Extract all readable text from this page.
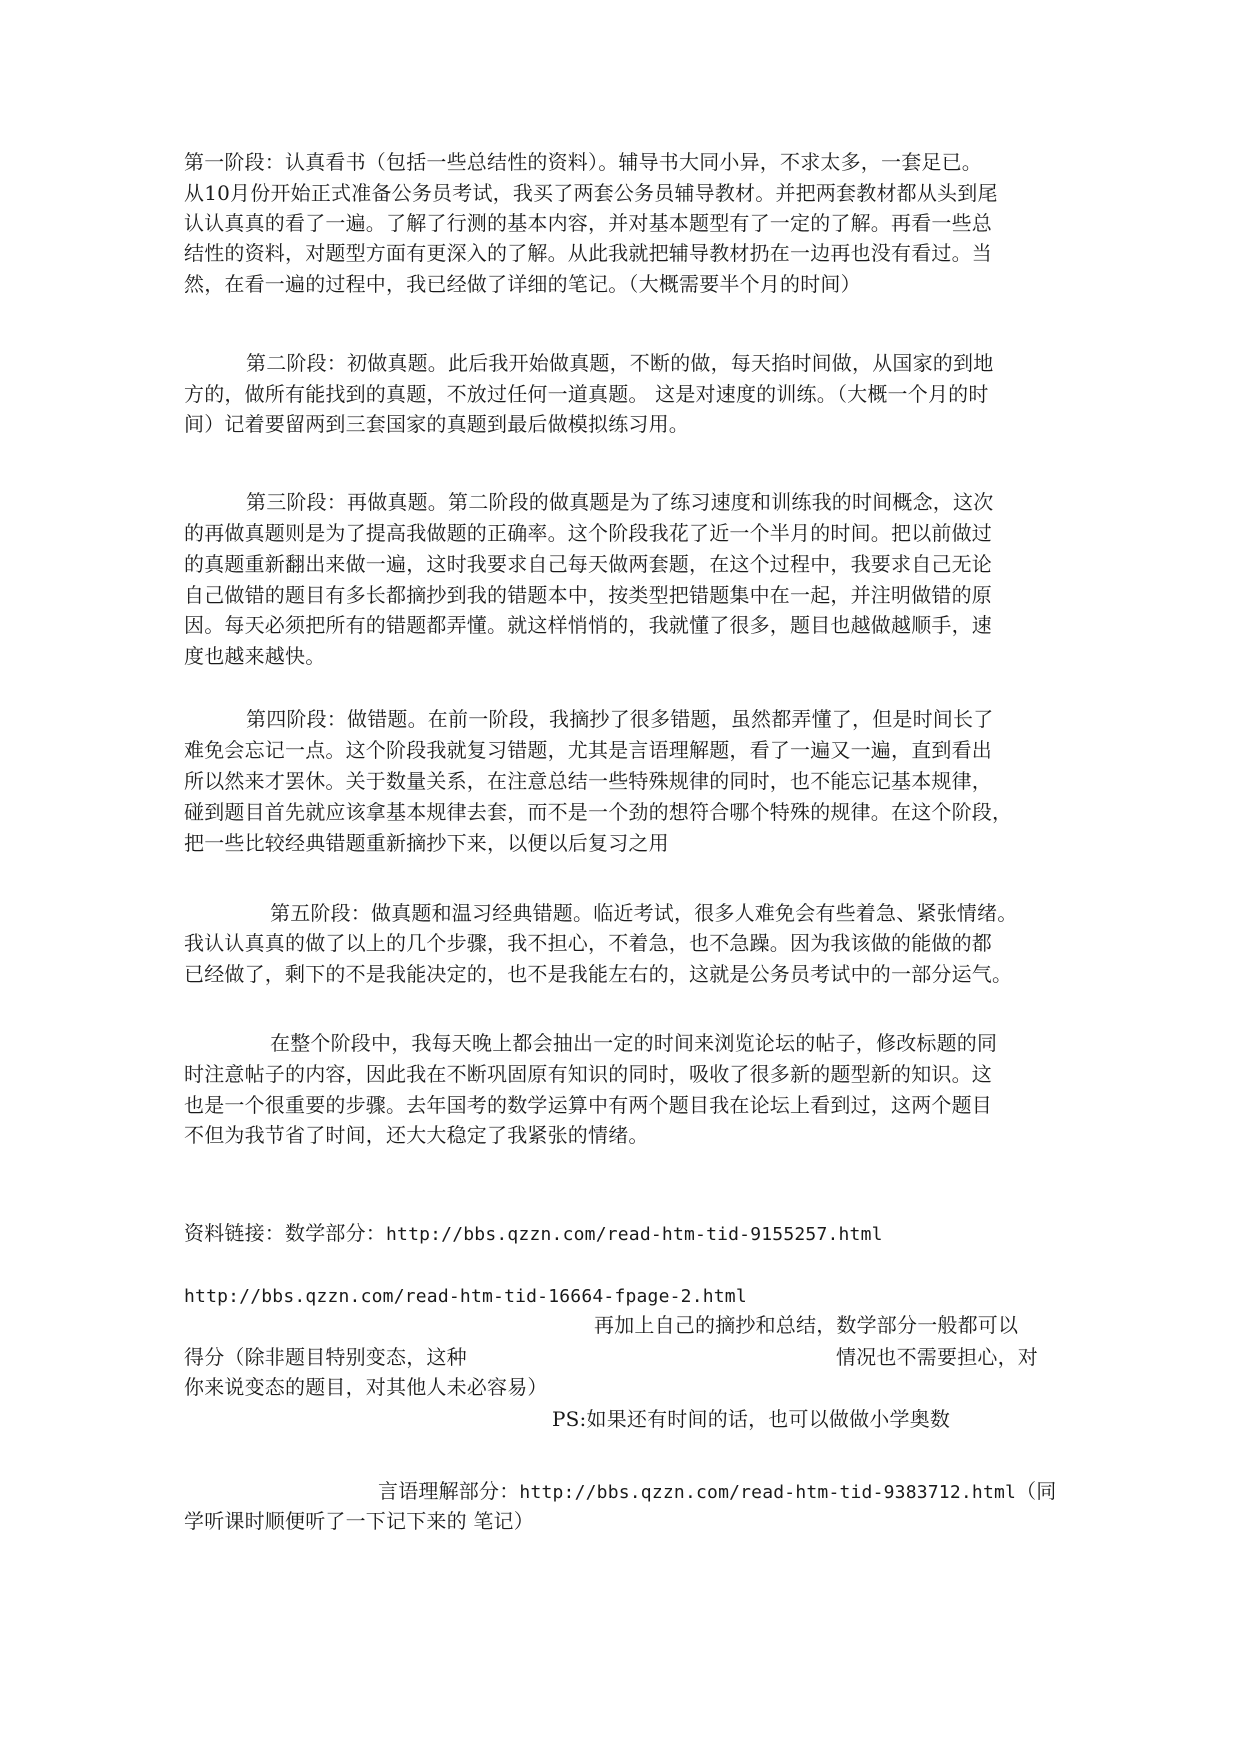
第一阶段：认真看书（包括一些总结性的资料）。辅导书大同小异，不求太多，一套足已。
从10月份开始正式准备公务员考试，我买了两套公务员辅导教材。并把两套教材都从头到尾
认认真真的看了一遍。了解了行测的基本内容，并对基本题型有了一定的了解。再看一些总
结性的资料，对题型方面有更深入的了解。从此我就把辅导教材扔在一边再也没有看过。当
然，在看一遍的过程中，我已经做了详细的笔记。（大概需要半个月的时间）
第二阶段：初做真题。此后我开始做真题，不断的做，每天掐时间做，从国家的到地
方的，做所有能找到的真题，不放过任何一道真题。 这是对速度的训练。（大概一个月的时
间）记着要留两到三套国家的真题到最后做模拟练习用。
第三阶段：再做真题。第二阶段的做真题是为了练习速度和训练我的时间概念，这次
的再做真题则是为了提高我做题的正确率。这个阶段我花了近一个半月的时间。把以前做过
的真题重新翻出来做一遍，这时我要求自己每天做两套题，在这个过程中，我要求自己无论
自己做错的题目有多长都摘抄到我的错题本中，按类型把错题集中在一起，并注明做错的原
因。每天必须把所有的错题都弄懂。就这样悄悄的，我就懂了很多，题目也越做越顺手，速
度也越来越快。
第四阶段：做错题。在前一阶段，我摘抄了很多错题，虽然都弄懂了，但是时间长了
难免会忘记一点。这个阶段我就复习错题，尤其是言语理解题，看了一遍又一遍，直到看出
所以然来才罢休。关于数量关系，在注意总结一些特殊规律的同时，也不能忘记基本规律，
碰到题目首先就应该拿基本规律去套，而不是一个劲的想符合哪个特殊的规律。在这个阶段，
把一些比较经典错题重新摘抄下来，以便以后复习之用
第五阶段：做真题和温习经典错题。临近考试，很多人难免会有些着急、紧张情绪。
我认认真真的做了以上的几个步骤，我不担心，不着急，也不急躁。因为我该做的能做的都
已经做了，剩下的不是我能决定的，也不是我能左右的，这就是公务员考试中的一部分运气。
在整个阶段中，我每天晚上都会抽出一定的时间来浏览论坛的帖子，修改标题的同
时注意帖子的内容，因此我在不断巩固原有知识的同时，吸收了很多新的题型新的知识。这
也是一个很重要的步骤。去年国考的数学运算中有两个题目我在论坛上看到过，这两个题目
不但为我节省了时间，还大大稳定了我紧张的情绪。
资料链接：数学部分：http://bbs.qzzn.com/read-htm-tid-9155257.html
http://bbs.qzzn.com/read-htm-tid-16664-fpage-2.html
再加上自己的摘抄和总结，数学部分一般都可以
得分（除非题目特别变态，这种	情况也不需要担心，对
你来说变态的题目，对其他人未必容易）
PS:如果还有时间的话，也可以做做小学奥数
言语理解部分：http://bbs.qzzn.com/read-htm-tid-9383712.html（同
学听课时顺便听了一下记下来的 笔记）
